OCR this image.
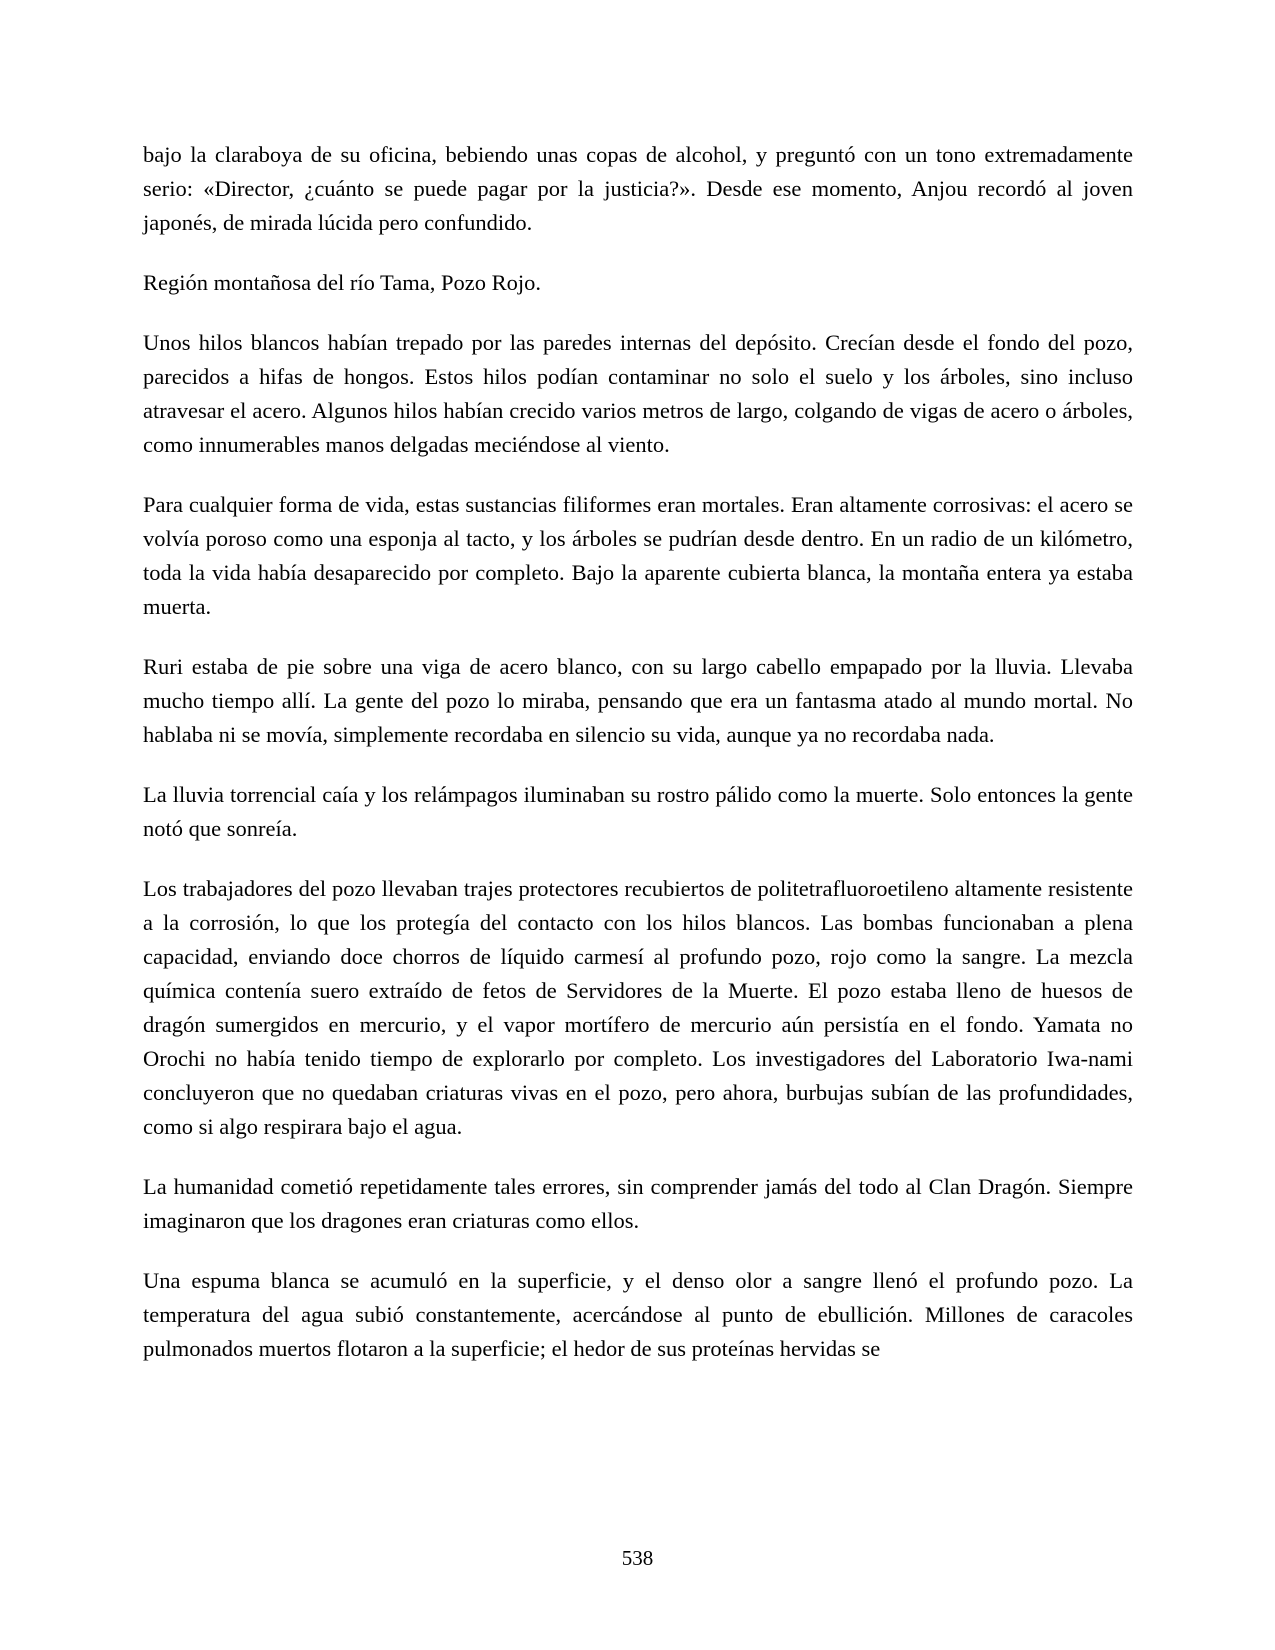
bajo la claraboya de su oficina, bebiendo unas copas de alcohol, y preguntó con un tono extremadamente serio: «Director, ¿cuánto se puede pagar por la justicia?». Desde ese momento, Anjou recordó al joven japonés, de mirada lúcida pero confundido.

Región montañosa del río Tama, Pozo Rojo.

Unos hilos blancos habían trepado por las paredes internas del depósito. Crecían desde el fondo del pozo, parecidos a hifas de hongos. Estos hilos podían contaminar no solo el suelo y los árboles, sino incluso atravesar el acero. Algunos hilos habían crecido varios metros de largo, colgando de vigas de acero o árboles, como innumerables manos delgadas meciéndose al viento.

Para cualquier forma de vida, estas sustancias filiformes eran mortales. Eran altamente corrosivas: el acero se volvía poroso como una esponja al tacto, y los árboles se pudrían desde dentro. En un radio de un kilómetro, toda la vida había desaparecido por completo. Bajo la aparente cubierta blanca, la montaña entera ya estaba muerta.

Ruri estaba de pie sobre una viga de acero blanco, con su largo cabello empapado por la lluvia. Llevaba mucho tiempo allí. La gente del pozo lo miraba, pensando que era un fantasma atado al mundo mortal. No hablaba ni se movía, simplemente recordaba en silencio su vida, aunque ya no recordaba nada.

La lluvia torrencial caía y los relámpagos iluminaban su rostro pálido como la muerte. Solo entonces la gente notó que sonreía.

Los trabajadores del pozo llevaban trajes protectores recubiertos de politetrafluoroetileno altamente resistente a la corrosión, lo que los protegía del contacto con los hilos blancos. Las bombas funcionaban a plena capacidad, enviando doce chorros de líquido carmesí al profundo pozo, rojo como la sangre. La mezcla química contenía suero extraído de fetos de Servidores de la Muerte. El pozo estaba lleno de huesos de dragón sumergidos en mercurio, y el vapor mortífero de mercurio aún persistía en el fondo. Yamata no Orochi no había tenido tiempo de explorarlo por completo. Los investigadores del Laboratorio Iwa-nami concluyeron que no quedaban criaturas vivas en el pozo, pero ahora, burbujas subían de las profundidades, como si algo respirara bajo el agua.

La humanidad cometió repetidamente tales errores, sin comprender jamás del todo al Clan Dragón. Siempre imaginaron que los dragones eran criaturas como ellos.

Una espuma blanca se acumuló en la superficie, y el denso olor a sangre llenó el profundo pozo. La temperatura del agua subió constantemente, acercándose al punto de ebullición. Millones de caracoles pulmonados muertos flotaron a la superficie; el hedor de sus proteínas hervidas se

538
